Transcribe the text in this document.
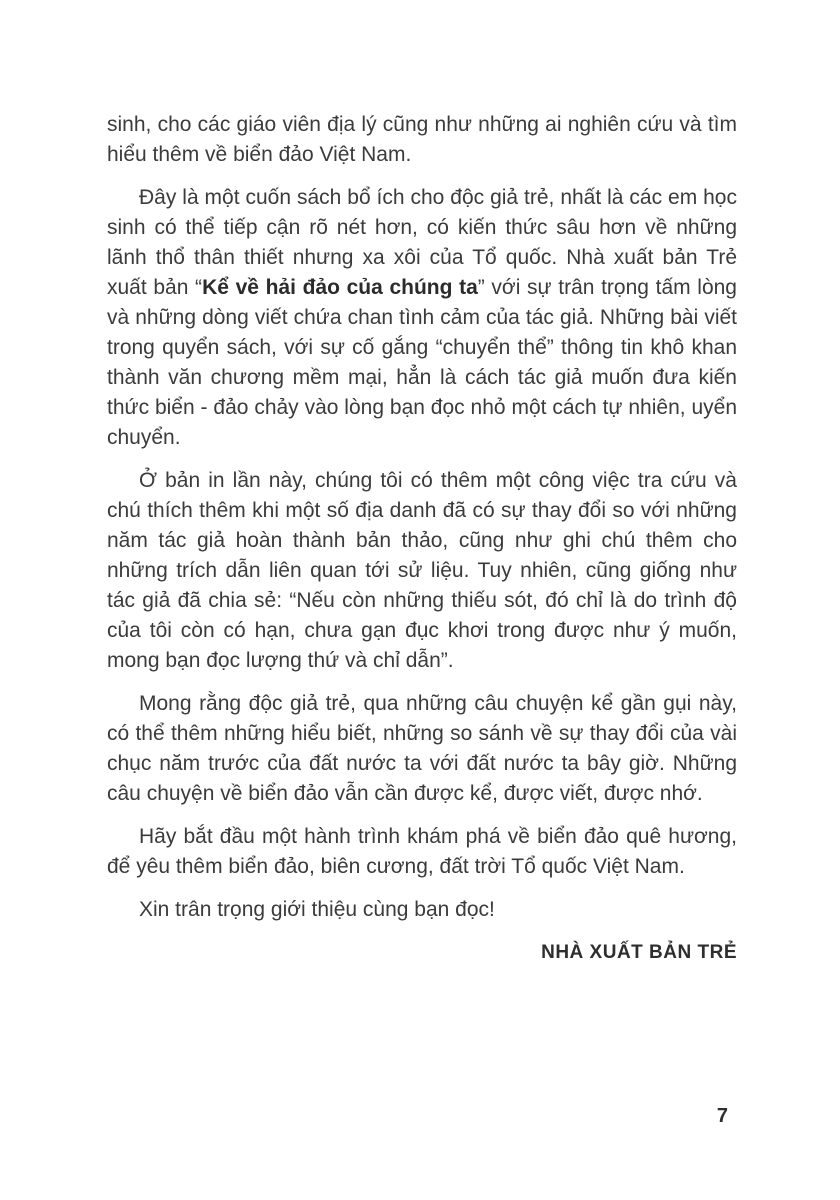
sinh, cho các giáo viên địa lý cũng như những ai nghiên cứu và tìm hiểu thêm về biển đảo Việt Nam.

Đây là một cuốn sách bổ ích cho độc giả trẻ, nhất là các em học sinh có thể tiếp cận rõ nét hơn, có kiến thức sâu hơn về những lãnh thổ thân thiết nhưng xa xôi của Tổ quốc. Nhà xuất bản Trẻ xuất bản “Kể về hải đảo của chúng ta” với sự trân trọng tấm lòng và những dòng viết chứa chan tình cảm của tác giả. Những bài viết trong quyển sách, với sự cố gắng “chuyển thể” thông tin khô khan thành văn chương mềm mại, hẳn là cách tác giả muốn đưa kiến thức biển - đảo chảy vào lòng bạn đọc nhỏ một cách tự nhiên, uyển chuyển.

Ở bản in lần này, chúng tôi có thêm một công việc tra cứu và chú thích thêm khi một số địa danh đã có sự thay đổi so với những năm tác giả hoàn thành bản thảo, cũng như ghi chú thêm cho những trích dẫn liên quan tới sử liệu. Tuy nhiên, cũng giống như tác giả đã chia sẻ: “Nếu còn những thiếu sót, đó chỉ là do trình độ của tôi còn có hạn, chưa gạn đục khơi trong được như ý muốn, mong bạn đọc lượng thứ và chỉ dẫn”.

Mong rằng độc giả trẻ, qua những câu chuyện kể gần gụi này, có thể thêm những hiểu biết, những so sánh về sự thay đổi của vài chục năm trước của đất nước ta với đất nước ta bây giờ. Những câu chuyện về biển đảo vẫn cần được kể, được viết, được nhớ.

Hãy bắt đầu một hành trình khám phá về biển đảo quê hương, để yêu thêm biển đảo, biên cương, đất trời Tổ quốc Việt Nam.

Xin trân trọng giới thiệu cùng bạn đọc!

NHÀ XUẤT BẢN TRẺ

7
